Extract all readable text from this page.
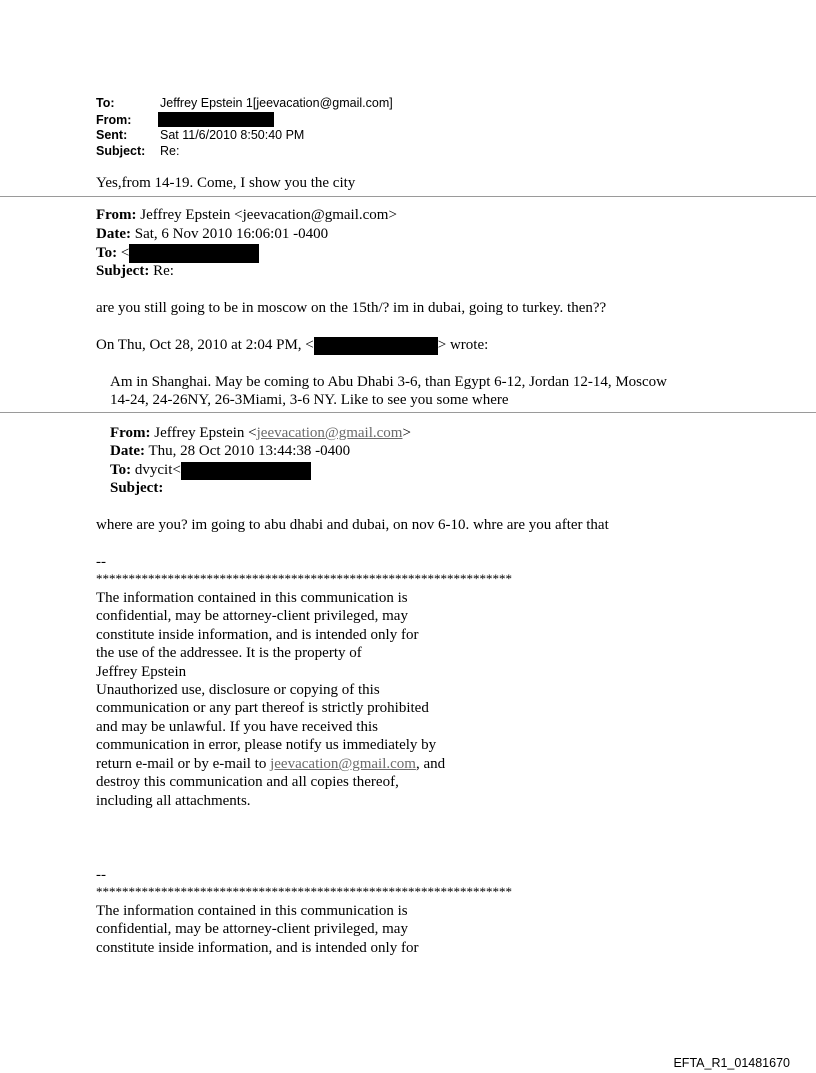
To:	Jeffrey Epstein 1[jeevacation@gmail.com]
From:
Sent:	Sat 11/6/2010 8:50:40 PM
Subject: Re:
Yes,from 14-19. Come, I show you the city
From: Jeffrey Epstein <jeevacation@gmail.com>
Date: Sat, 6 Nov 2010 16:06:01 -0400
To: <
Subject: Re:
are you still going to be in moscow on the 15th/? im in dubai, going to turkey. then??
On Thu, Oct 28, 2010 at 2:04 PM, <	> wrote:
Am in Shanghai. May be coming to Abu Dhabi 3-6, than Egypt 6-12, Jordan 12-14, Moscow
14-24, 24-26NY, 26-3Miami, 3-6 NY. Like to see you some where
From: Jeffrey Epstein <jeevacation@gmail.com>
Date: Thu, 28 Oct 2010 13:44:38 -0400
To: dvycit<
Subject:
where are you? im going to abu dhabi and dubai, on nov 6-10. whre are you after that
--
****************************************************************
The information contained in this communication is
confidential, may be attorney-client privileged, may
constitute inside information, and is intended only for
the use of the addressee. It is the property of
Jeffrey Epstein
Unauthorized use, disclosure or copying of this
communication or any part thereof is strictly prohibited
and may be unlawful. If you have received this
communication in error, please notify us immediately by
return e-mail or by e-mail to jeevacation@gmail.com, and
destroy this communication and all copies thereof,
including all attachments.
--
****************************************************************
The information contained in this communication is
confidential, may be attorney-client privileged, may
constitute inside information, and is intended only for
EFTA_R1_01481670
